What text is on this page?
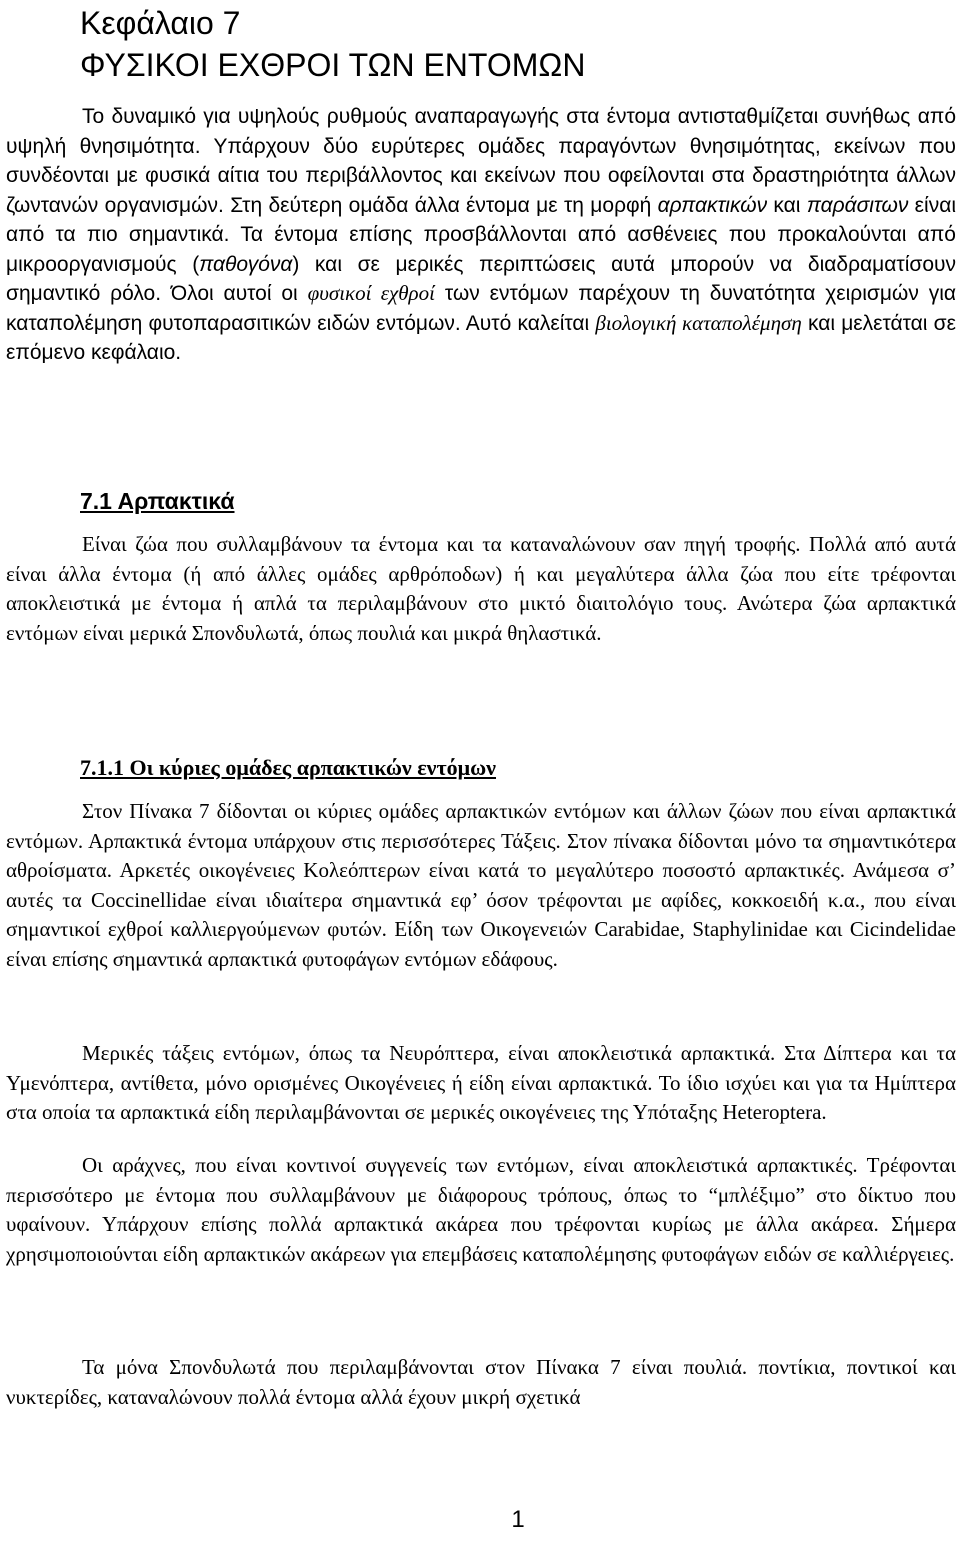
Κεφάλαιο 7
ΦΥΣΙΚΟΙ ΕΧΘΡΟΙ ΤΩΝ ΕΝΤΟΜΩΝ

Το δυναμικό για υψηλούς ρυθμούς αναπαραγωγής στα έντομα αντισταθμίζεται συνήθως από υψηλή θνησιμότητα. Υπάρχουν δύο ευρύτερες ομάδες παραγόντων θνησιμότητας, εκείνων που συνδέονται με φυσικά αίτια του περιβάλλοντος και εκείνων που οφείλονται στα δραστηριότητα άλλων ζωντανών οργανισμών. Στη δεύτερη ομάδα άλλα έντομα με τη μορφή αρπακτικών και παράσιτων είναι από τα πιο σημαντικά. Τα έντομα επίσης προσβάλλονται από ασθένειες που προκαλούνται από μικροοργανισμούς (παθογόνα) και σε μερικές περιπτώσεις αυτά μπορούν να διαδραματίσουν σημαντικό ρόλο. Όλοι αυτοί οι φυσικοί εχθροί των εντόμων παρέχουν τη δυνατότητα χειρισμών για καταπολέμηση φυτοπαρασιτικών ειδών εντόμων. Αυτό καλείται βιολογική καταπολέμηση και μελετάται σε επόμενο κεφάλαιο.

7.1 Αρπακτικά

Είναι ζώα που συλλαμβάνουν τα έντομα και τα καταναλώνουν σαν πηγή τροφής. Πολλά από αυτά είναι άλλα έντομα (ή από άλλες ομάδες αρθρόποδων) ή και μεγαλύτερα άλλα ζώα που είτε τρέφονται αποκλειστικά με έντομα ή απλά τα περιλαμβάνουν στο μικτό διαιτολόγιο τους. Ανώτερα ζώα αρπακτικά εντόμων είναι μερικά Σπονδυλωτά, όπως πουλιά και μικρά θηλαστικά.

7.1.1 Οι κύριες ομάδες αρπακτικών εντόμων

Στον Πίνακα 7 δίδονται οι κύριες ομάδες αρπακτικών εντόμων και άλλων ζώων που είναι αρπακτικά εντόμων. Αρπακτικά έντομα υπάρχουν στις περισσότερες Τάξεις. Στον πίνακα δίδονται μόνο τα σημαντικότερα αθροίσματα. Αρκετές οικογένειες Κολεόπτερων είναι κατά το μεγαλύτερο ποσοστό αρπακτικές. Ανάμεσα σ’ αυτές τα Coccinellidae είναι ιδιαίτερα σημαντικά εφ’ όσον τρέφονται με αφίδες, κοκκοειδή κ.α., που είναι σημαντικοί εχθροί καλλιεργούμενων φυτών. Είδη των Οικογενειών Carabidae, Staphylinidae και Cicindelidae είναι επίσης σημαντικά αρπακτικά φυτοφάγων εντόμων εδάφους.

Μερικές τάξεις εντόμων, όπως τα Νευρόπτερα, είναι αποκλειστικά αρπακτικά. Στα Δίπτερα και τα Υμενόπτερα, αντίθετα, μόνο ορισμένες Οικογένειες ή είδη είναι αρπακτικά. Το ίδιο ισχύει και για τα Ημίπτερα στα οποία τα αρπακτικά είδη περιλαμβάνονται σε μερικές οικογένειες της Υπόταξης Heteroptera.

Οι αράχνες, που είναι κοντινοί συγγενείς των εντόμων, είναι αποκλειστικά αρπακτικές. Τρέφονται περισσότερο με έντομα που συλλαμβάνουν με διάφορους τρόπους, όπως το “μπλέξιμο” στο δίκτυο που υφαίνουν. Υπάρχουν επίσης πολλά αρπακτικά ακάρεα που τρέφονται κυρίως με άλλα ακάρεα. Σήμερα χρησιμοποιούνται είδη αρπακτικών ακάρεων για επεμβάσεις καταπολέμησης φυτοφάγων ειδών σε καλλιέργειες.

Τα μόνα Σπονδυλωτά που περιλαμβάνονται στον Πίνακα 7 είναι πουλιά. ποντίκια, ποντικοί και νυκτερίδες, καταναλώνουν πολλά έντομα αλλά έχουν μικρή σχετικά

1
